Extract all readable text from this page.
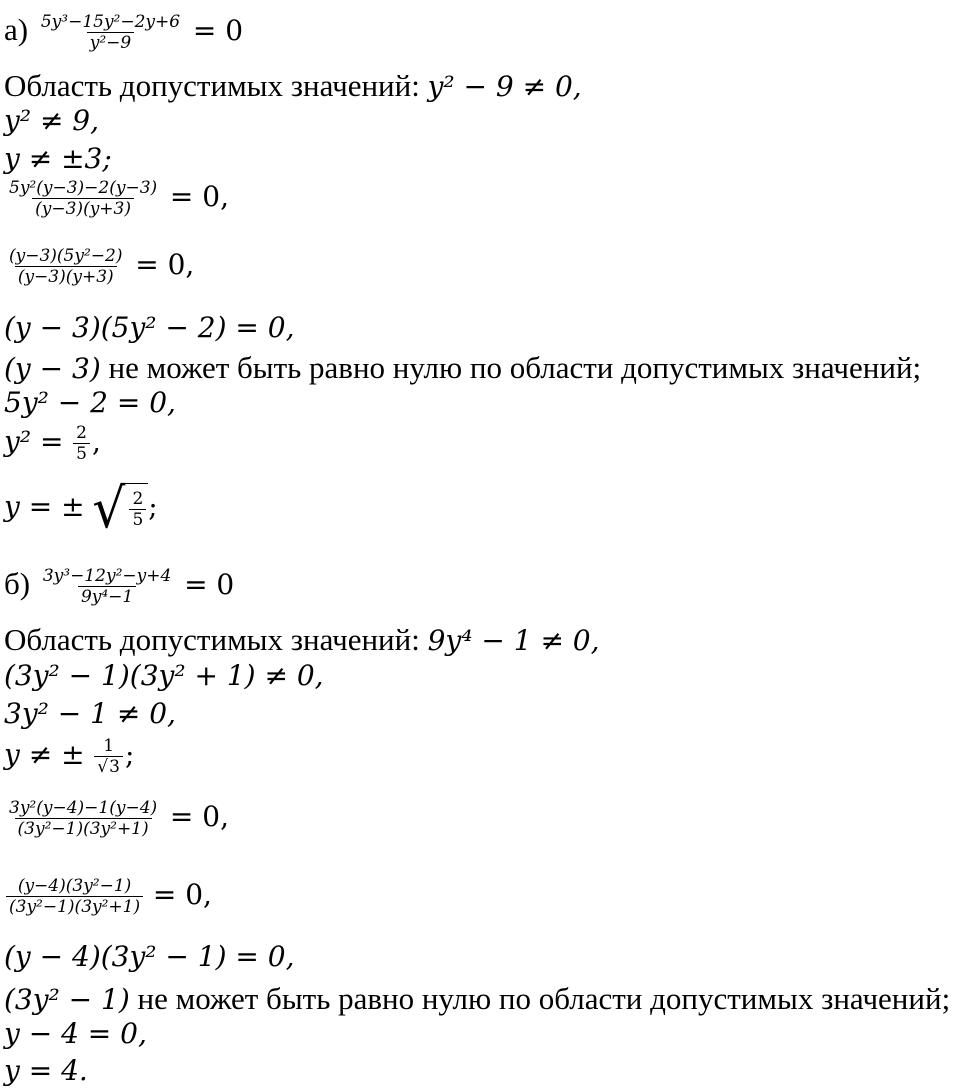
$а) \frac{\text{5y³−15y²−2y+6}}{\text{y²−9}} = 0$
Область допустимых значений: y² − 9 ≠ 0,
y² ≠ 9,
y ≠ ±3;
$\frac{\text{5y²(y−3)−2(y−3)}}{(y-3)(y+3)} = 0$,
$\frac{\text{(y−3)(5y²−2)}}{(y-3)(y+3)} = 0$,
(y − 3)(5y² − 2) = 0,
(y − 3) не может быть равно нулю по области допустимых значений;
5y² − 2 = 0,
$y^2 = \frac{2}{5}$ ,
y = ± √ $\frac{2}{5}$ ;
$б) \frac{\text{3y³−12y²−y+4}}{\text{9y⁴−1}} = 0$
Область допустимых значений: 9y⁴ − 1 ≠ 0,
(3y² − 1)(3y² + 1) ≠ 0,
3y² − 1 ≠ 0,
y ≠ ± $\frac{1}{√3}$ ;
$\frac{\text{3y²(y−4)−1(y−4)}}{\text{(3y²−1)(3y²+1)}} = 0$,
$\frac{\text{(y−4)(3y²−1)}}{\text{(3y²−1)(3y²+1)}} = 0$,
(y − 4)(3y² − 1) = 0,
(3y² − 1) не может быть равно нулю по области допустимых значений;
y − 4 = 0,
y = 4.
